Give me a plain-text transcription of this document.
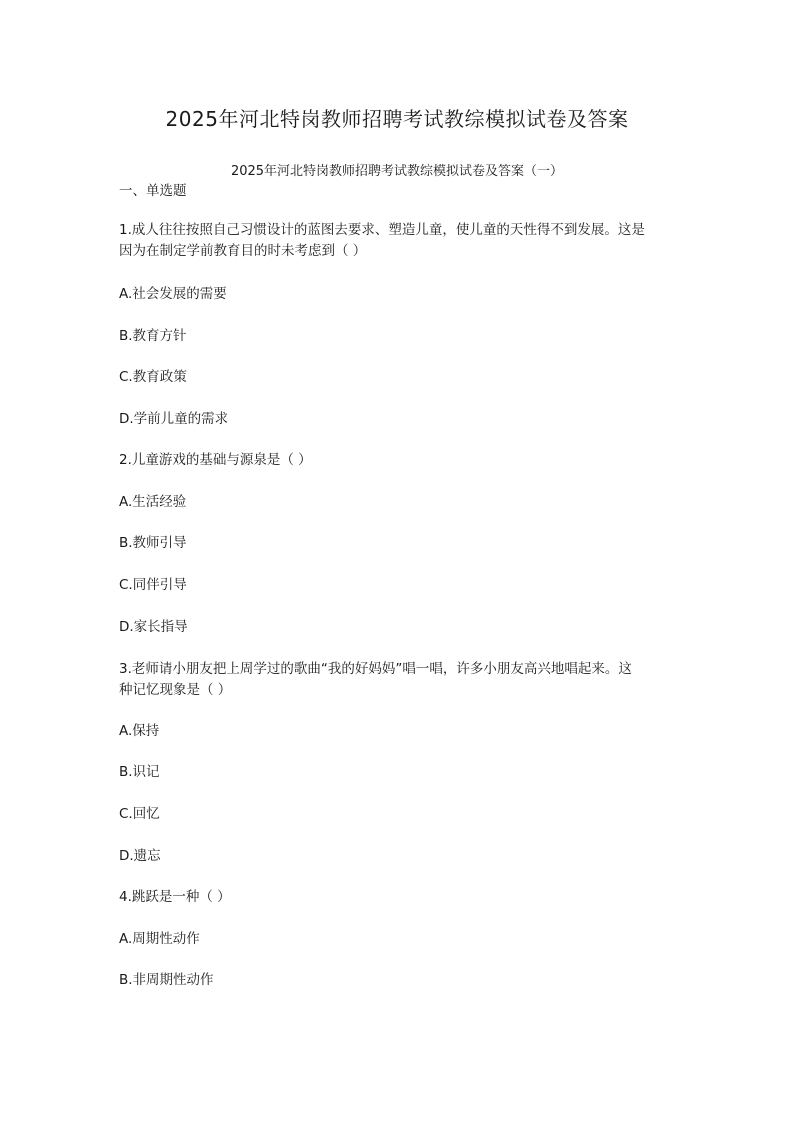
2025年河北特岗教师招聘考试教综模拟试卷及答案
2025年河北特岗教师招聘考试教综模拟试卷及答案（一）
一、单选题
1.成人往往按照自己习惯设计的蓝图去要求、塑造儿童，使儿童的天性得不到发展。这是
因为在制定学前教育目的时未考虑到（ ）
A.社会发展的需要
B.教育方针
C.教育政策
D.学前儿童的需求
2.儿童游戏的基础与源泉是（ ）
A.生活经验
B.教师引导
C.同伴引导
D.家长指导
3.老师请小朋友把上周学过的歌曲“我的好妈妈”唱一唱，许多小朋友高兴地唱起来。这
种记忆现象是（ ）
A.保持
B.识记
C.回忆
D.遗忘
4.跳跃是一种（ ）
A.周期性动作
B.非周期性动作
